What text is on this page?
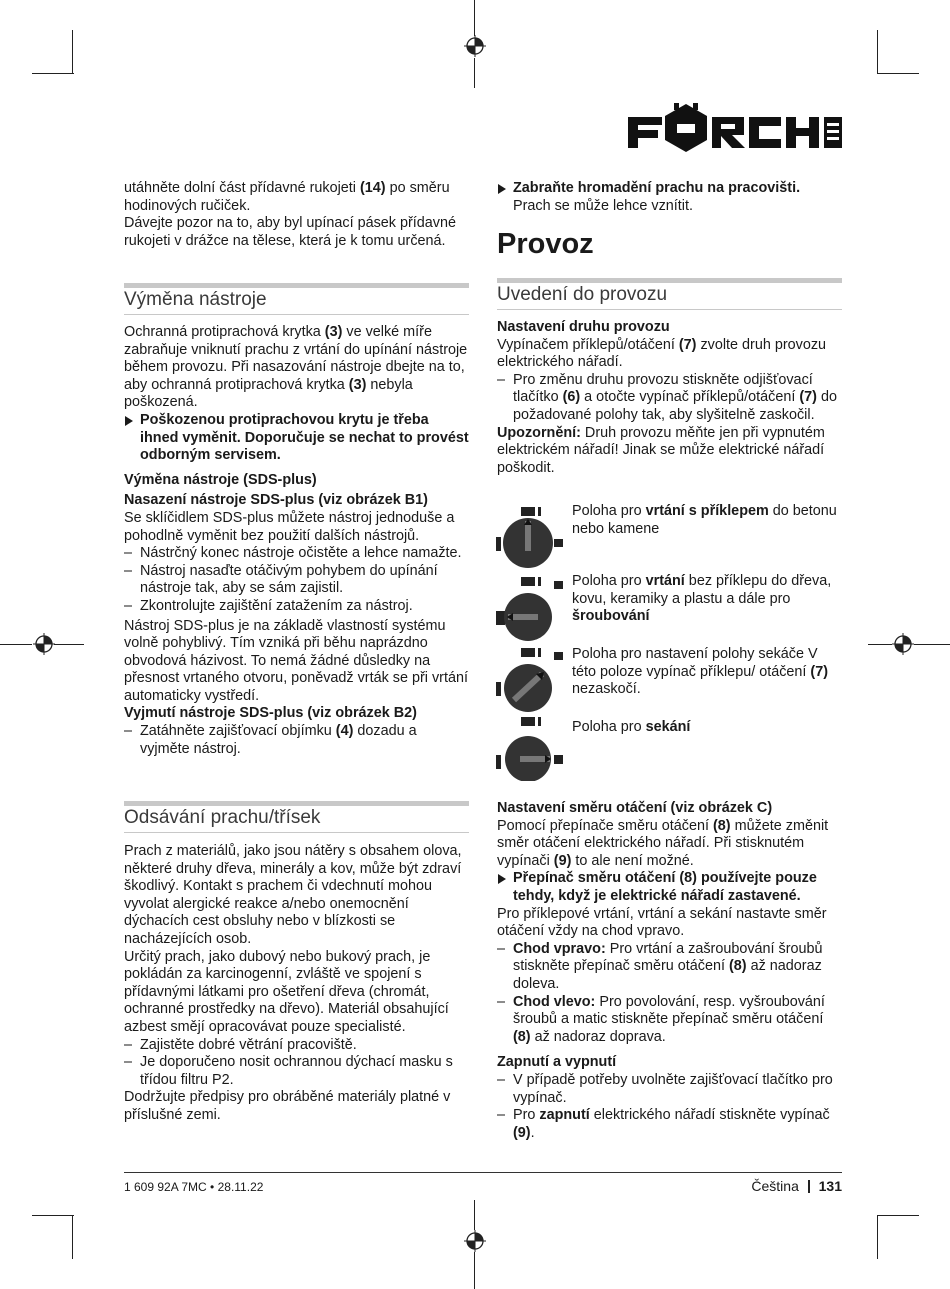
utáhněte dolní část přídavné rukojeti (14) po směru hodinových ručiček.

Dávejte pozor na to, aby byl upínací pásek přídavné rukojeti v drážce na tělese, která je k tomu určená.

Výměna nástroje

Ochranná protiprachová krytka (3) ve velké míře zabraňuje vniknutí prachu z vrtání do upínání nástroje během provozu. Při nasazování nástroje dbejte na to, aby ochranná protiprachová krytka (3) nebyla poškozená.

Poškozenou protiprachovou krytu je třeba ihned vyměnit. Doporučuje se nechat to provést odborným servisem.

Výměna nástroje (SDS-plus)

Nasazení nástroje SDS-plus (viz obrázek B1)

Se sklíčidlem SDS-plus můžete nástroj jednoduše a pohodlně vyměnit bez použití dalších nástrojů.

– Nástrčný konec nástroje očistěte a lehce namažte.

– Nástroj nasaďte otáčivým pohybem do upínání nástroje tak, aby se sám zajistil.

– Zkontrolujte zajištění zatažením za nástroj.

Nástroj SDS-plus je na základě vlastností systému volně pohyblivý. Tím vzniká při běhu naprázdno obvodová házivost. To nemá žádné důsledky na přesnost vrtaného otvoru, poněvadž vrták se při vrtání automaticky vystředí.

Vyjmutí nástroje SDS-plus (viz obrázek B2)

– Zatáhněte zajišťovací objímku (4) dozadu a vyjměte nástroj.

Odsávání prachu/třísek

Prach z materiálů, jako jsou nátěry s obsahem olova, některé druhy dřeva, minerály a kov, může být zdraví škodlivý. Kontakt s prachem či vdechnutí mohou vyvolat alergické reakce a/nebo onemocnění dýchacích cest obsluhy nebo v blízkosti se nacházejících osob.

Určitý prach, jako dubový nebo bukový prach, je pokládán za karcinogenní, zvláště ve spojení s přídavnými látkami pro ošetření dřeva (chromát, ochranné prostředky na dřevo). Materiál obsahující azbest smějí opracovávat pouze specialisté.

– Zajistěte dobré větrání pracoviště.

– Je doporučeno nosit ochrannou dýchací masku s třídou filtru P2.

Dodržujte předpisy pro obráběné materiály platné v příslušné zemi.

Zabraňte hromadění prachu na pracovišti.
Prach se může lehce vznítit.

Provoz
Uvedení do provozu

Nastavení druhu provozu

Vypínačem příklepů/otáčení (7) zvolte druh provozu elektrického nářadí.

– Pro změnu druhu provozu stiskněte odjišťovací tlačítko (6) a otočte vypínač příklepů/otáčení (7) do požadované polohy tak, aby slyšitelně zaskočil.

Upozornění: Druh provozu měňte jen při vypnutém elektrickém nářadí! Jinak se může elektrické nářadí poškodit.

Poloha pro vrtání s příklepem do betonu nebo kamene

Poloha pro vrtání bez příklepu do dřeva, kovu, keramiky a plastu a dále pro šroubování

Poloha pro nastavení polohy sekáče V této poloze vypínač příklepu/ otáčení (7) nezaskočí.

Poloha pro sekání

Nastavení směru otáčení (viz obrázek C)

Pomocí přepínače směru otáčení (8) můžete změnit směr otáčení elektrického nářadí. Při stisknutém vypínači (9) to ale není možné.

Přepínač směru otáčení (8) používejte pouze tehdy, když je elektrické nářadí zastavené.

Pro příklepové vrtání, vrtání a sekání nastavte směr otáčení vždy na chod vpravo.

– Chod vpravo: Pro vrtání a zašroubování šroubů stiskněte přepínač směru otáčení (8) až nadoraz doleva.

– Chod vlevo: Pro povolování, resp. vyšroubování šroubů a matic stiskněte přepínač směru otáčení (8) až nadoraz doprava.

Zapnutí a vypnutí

– V případě potřeby uvolněte zajišťovací tlačítko pro vypínač.

– Pro zapnutí elektrického nářadí stiskněte vypínač (9).

1 609 92A 7MC • 28.11.22	Čeština 131
